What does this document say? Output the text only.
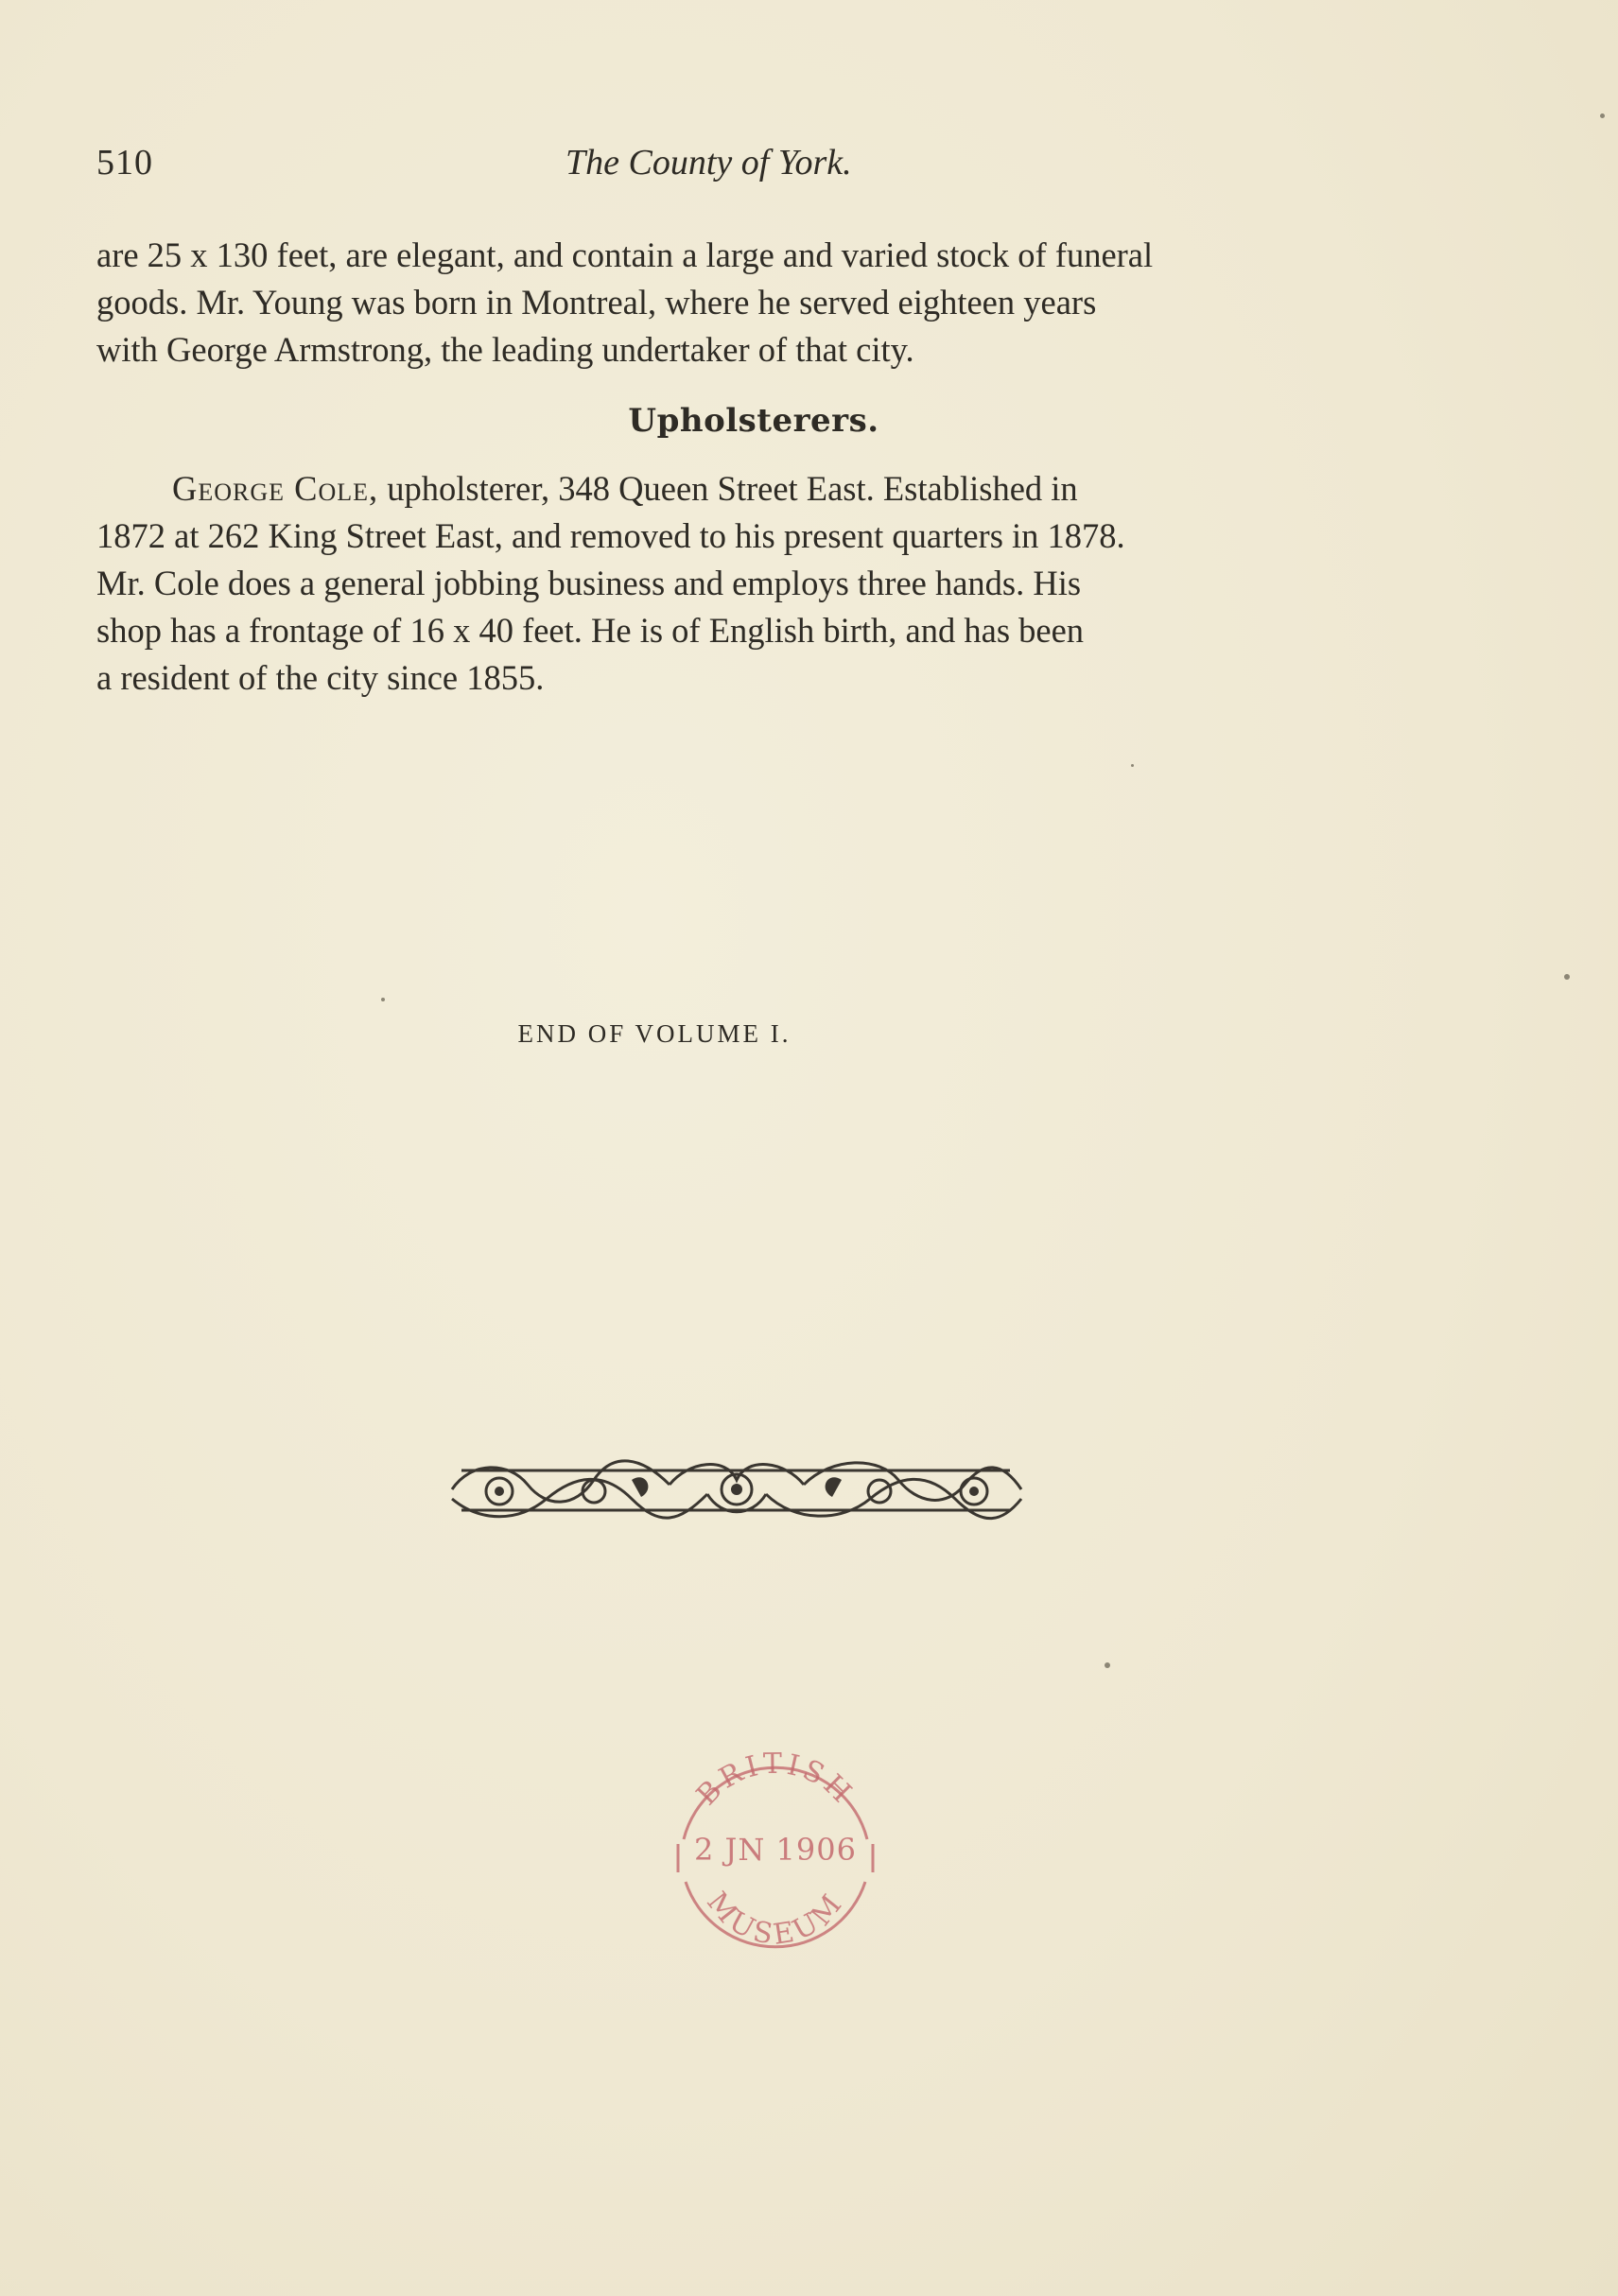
510	The County of York.

are 25 x 130 feet, are elegant, and contain a large and varied stock of funeral

goods. Mr. Young was born in Montreal, where he served eighteen years

with George Armstrong, the leading undertaker of that city.

Upholsterers.

George Cole, upholsterer, 348 Queen Street East. Established in

1872 at 262 King Street East, and removed to his present quarters in 1878.

Mr. Cole does a general jobbing business and employs three hands. His

shop has a frontage of 16 x 40 feet. He is of English birth, and has been

a resident of the city since 1855.

END OF VOLUME I.
BRITISH
MUSEUM
2 JN 1906
